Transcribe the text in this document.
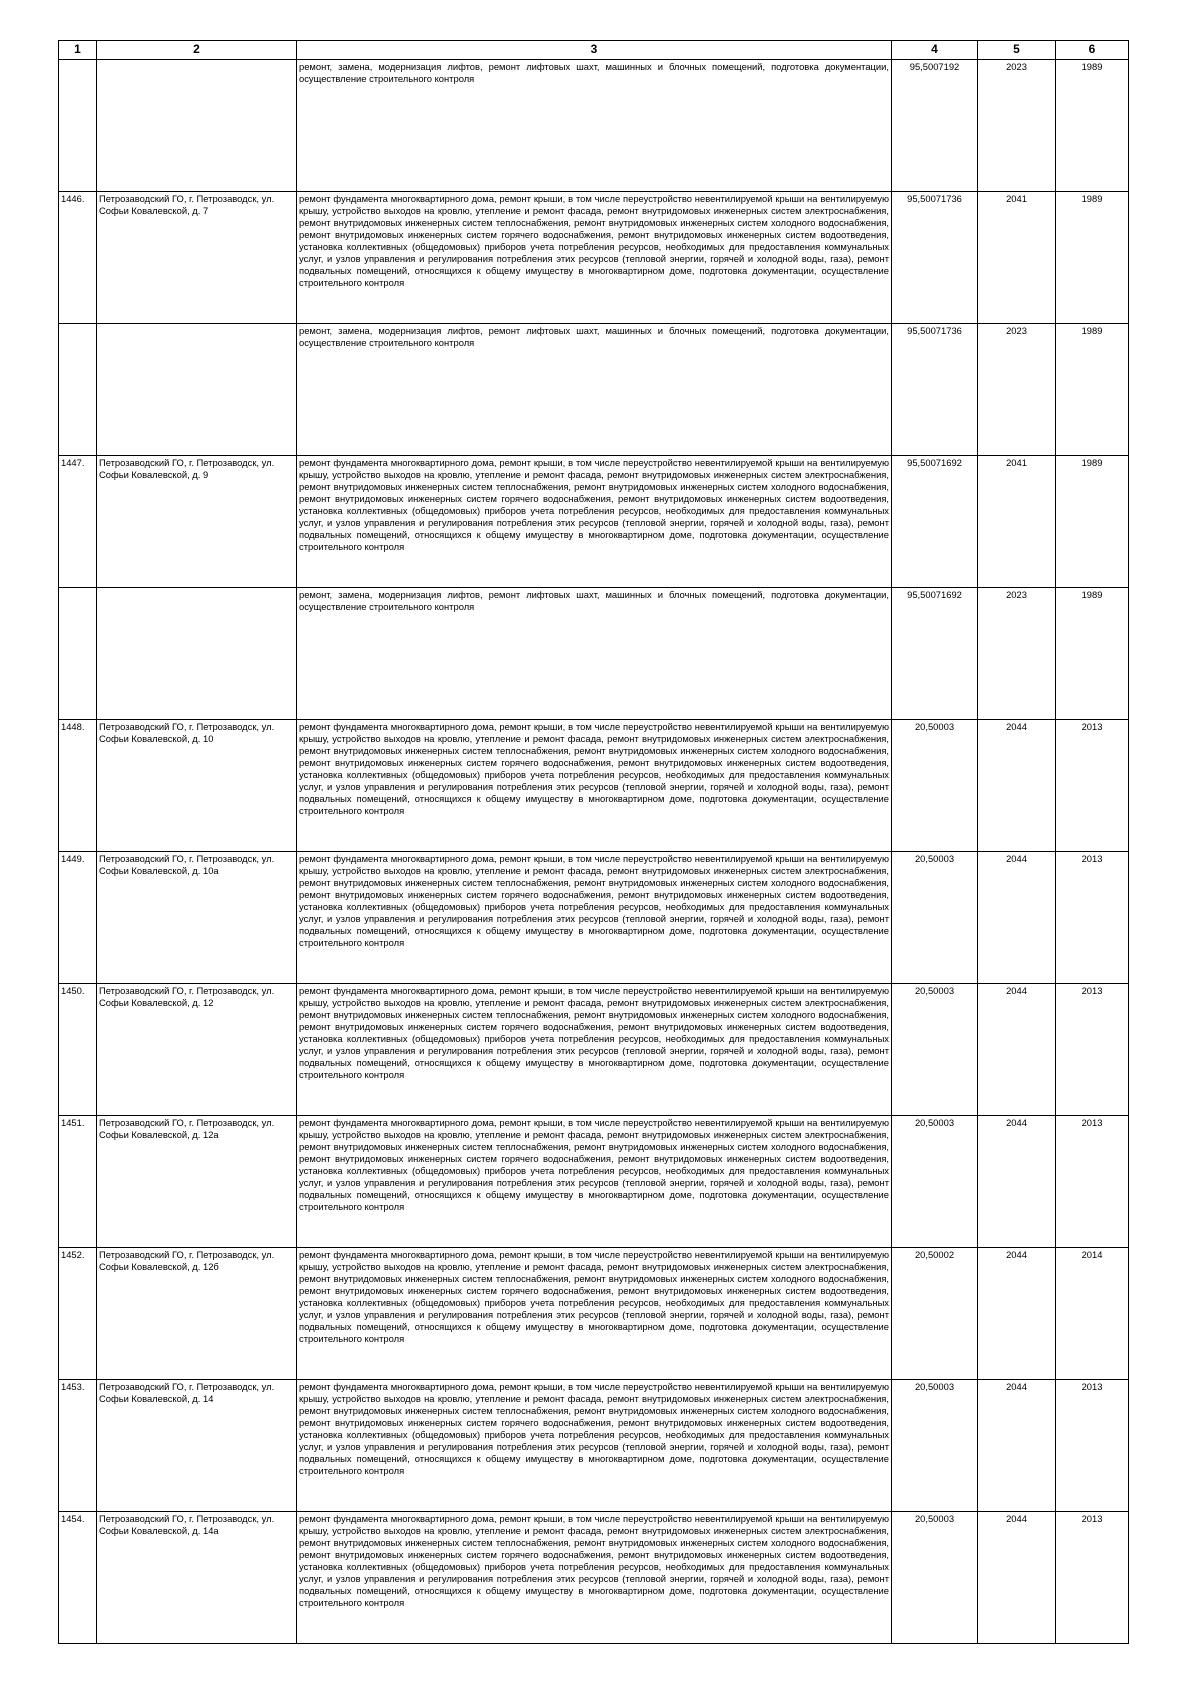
1	2	3	4	5	6
		ремонт, замена, модернизация лифтов, ремонт лифтовых шахт, машинных и блочных помещений, подготовка документации, осуществление строительного контроля	95,5007192	2023	1989
1446.	Петрозаводский ГО, г. Петрозаводск, ул. Софьи Ковалевской, д. 7	ремонт фундамента многоквартирного дома, ремонт крыши, в том числе переустройство невентилируемой крыши на вентилируемую крышу, устройство выходов на кровлю, утепление и ремонт фасада, ремонт внутридомовых инженерных систем электроснабжения, ремонт внутридомовых инженерных систем теплоснабжения, ремонт внутридомовых инженерных систем холодного водоснабжения, ремонт внутридомовых инженерных систем горячего водоснабжения, ремонт внутридомовых инженерных систем водоотведения, установка коллективных (общедомовых) приборов учета потребления ресурсов, необходимых для предоставления коммунальных услуг, и узлов управления и регулирования потребления этих ресурсов (тепловой энергии, горячей и холодной воды, газа), ремонт подвальных помещений, относящихся к общему имуществу в многоквартирном доме, подготовка документации, осуществление строительного контроля	95,50071736	2041	1989
		ремонт, замена, модернизация лифтов, ремонт лифтовых шахт, машинных и блочных помещений, подготовка документации, осуществление строительного контроля	95,50071736	2023	1989
1447.	Петрозаводский ГО, г. Петрозаводск, ул. Софьи Ковалевской, д. 9	ремонт фундамента многоквартирного дома, ремонт крыши, в том числе переустройство невентилируемой крыши на вентилируемую крышу, устройство выходов на кровлю, утепление и ремонт фасада, ремонт внутридомовых инженерных систем электроснабжения, ремонт внутридомовых инженерных систем теплоснабжения, ремонт внутридомовых инженерных систем холодного водоснабжения, ремонт внутридомовых инженерных систем горячего водоснабжения, ремонт внутридомовых инженерных систем водоотведения, установка коллективных (общедомовых) приборов учета потребления ресурсов, необходимых для предоставления коммунальных услуг, и узлов управления и регулирования потребления этих ресурсов (тепловой энергии, горячей и холодной воды, газа), ремонт подвальных помещений, относящихся к общему имуществу в многоквартирном доме, подготовка документации, осуществление строительного контроля	95,50071692	2041	1989
		ремонт, замена, модернизация лифтов, ремонт лифтовых шахт, машинных и блочных помещений, подготовка документации, осуществление строительного контроля	95,50071692	2023	1989
1448.	Петрозаводский ГО, г. Петрозаводск, ул. Софьи Ковалевской, д. 10	ремонт фундамента многоквартирного дома, ремонт крыши, в том числе переустройство невентилируемой крыши на вентилируемую крышу, устройство выходов на кровлю, утепление и ремонт фасада, ремонт внутридомовых инженерных систем электроснабжения, ремонт внутридомовых инженерных систем теплоснабжения, ремонт внутридомовых инженерных систем холодного водоснабжения, ремонт внутридомовых инженерных систем горячего водоснабжения, ремонт внутридомовых инженерных систем водоотведения, установка коллективных (общедомовых) приборов учета потребления ресурсов, необходимых для предоставления коммунальных услуг, и узлов управления и регулирования потребления этих ресурсов (тепловой энергии, горячей и холодной воды, газа), ремонт подвальных помещений, относящихся к общему имуществу в многоквартирном доме, подготовка документации, осуществление строительного контроля	20,50003	2044	2013
1449.	Петрозаводский ГО, г. Петрозаводск, ул. Софьи Ковалевской, д. 10а	ремонт фундамента многоквартирного дома, ремонт крыши, в том числе переустройство невентилируемой крыши на вентилируемую крышу, устройство выходов на кровлю, утепление и ремонт фасада, ремонт внутридомовых инженерных систем электроснабжения, ремонт внутридомовых инженерных систем теплоснабжения, ремонт внутридомовых инженерных систем холодного водоснабжения, ремонт внутридомовых инженерных систем горячего водоснабжения, ремонт внутридомовых инженерных систем водоотведения, установка коллективных (общедомовых) приборов учета потребления ресурсов, необходимых для предоставления коммунальных услуг, и узлов управления и регулирования потребления этих ресурсов (тепловой энергии, горячей и холодной воды, газа), ремонт подвальных помещений, относящихся к общему имуществу в многоквартирном доме, подготовка документации, осуществление строительного контроля	20,50003	2044	2013
1450.	Петрозаводский ГО, г. Петрозаводск, ул. Софьи Ковалевской, д. 12	ремонт фундамента многоквартирного дома, ремонт крыши, в том числе переустройство невентилируемой крыши на вентилируемую крышу, устройство выходов на кровлю, утепление и ремонт фасада, ремонт внутридомовых инженерных систем электроснабжения, ремонт внутридомовых инженерных систем теплоснабжения, ремонт внутридомовых инженерных систем холодного водоснабжения, ремонт внутридомовых инженерных систем горячего водоснабжения, ремонт внутридомовых инженерных систем водоотведения, установка коллективных (общедомовых) приборов учета потребления ресурсов, необходимых для предоставления коммунальных услуг, и узлов управления и регулирования потребления этих ресурсов (тепловой энергии, горячей и холодной воды, газа), ремонт подвальных помещений, относящихся к общему имуществу в многоквартирном доме, подготовка документации, осуществление строительного контроля	20,50003	2044	2013
1451.	Петрозаводский ГО, г. Петрозаводск, ул. Софьи Ковалевской, д. 12а	ремонт фундамента многоквартирного дома, ремонт крыши, в том числе переустройство невентилируемой крыши на вентилируемую крышу, устройство выходов на кровлю, утепление и ремонт фасада, ремонт внутридомовых инженерных систем электроснабжения, ремонт внутридомовых инженерных систем теплоснабжения, ремонт внутридомовых инженерных систем холодного водоснабжения, ремонт внутридомовых инженерных систем горячего водоснабжения, ремонт внутридомовых инженерных систем водоотведения, установка коллективных (общедомовых) приборов учета потребления ресурсов, необходимых для предоставления коммунальных услуг, и узлов управления и регулирования потребления этих ресурсов (тепловой энергии, горячей и холодной воды, газа), ремонт подвальных помещений, относящихся к общему имуществу в многоквартирном доме, подготовка документации, осуществление строительного контроля	20,50003	2044	2013
1452.	Петрозаводский ГО, г. Петрозаводск, ул. Софьи Ковалевской, д. 12б	ремонт фундамента многоквартирного дома, ремонт крыши, в том числе переустройство невентилируемой крыши на вентилируемую крышу, устройство выходов на кровлю, утепление и ремонт фасада, ремонт внутридомовых инженерных систем электроснабжения, ремонт внутридомовых инженерных систем теплоснабжения, ремонт внутридомовых инженерных систем холодного водоснабжения, ремонт внутридомовых инженерных систем горячего водоснабжения, ремонт внутридомовых инженерных систем водоотведения, установка коллективных (общедомовых) приборов учета потребления ресурсов, необходимых для предоставления коммунальных услуг, и узлов управления и регулирования потребления этих ресурсов (тепловой энергии, горячей и холодной воды, газа), ремонт подвальных помещений, относящихся к общему имуществу в многоквартирном доме, подготовка документации, осуществление строительного контроля	20,50002	2044	2014
1453.	Петрозаводский ГО, г. Петрозаводск, ул. Софьи Ковалевской, д. 14	ремонт фундамента многоквартирного дома, ремонт крыши, в том числе переустройство невентилируемой крыши на вентилируемую крышу, устройство выходов на кровлю, утепление и ремонт фасада, ремонт внутридомовых инженерных систем электроснабжения, ремонт внутридомовых инженерных систем теплоснабжения, ремонт внутридомовых инженерных систем холодного водоснабжения, ремонт внутридомовых инженерных систем горячего водоснабжения, ремонт внутридомовых инженерных систем водоотведения, установка коллективных (общедомовых) приборов учета потребления ресурсов, необходимых для предоставления коммунальных услуг, и узлов управления и регулирования потребления этих ресурсов (тепловой энергии, горячей и холодной воды, газа), ремонт подвальных помещений, относящихся к общему имуществу в многоквартирном доме, подготовка документации, осуществление строительного контроля	20,50003	2044	2013
1454.	Петрозаводский ГО, г. Петрозаводск, ул. Софьи Ковалевской, д. 14а	ремонт фундамента многоквартирного дома, ремонт крыши, в том числе переустройство невентилируемой крыши на вентилируемую крышу, устройство выходов на кровлю, утепление и ремонт фасада, ремонт внутридомовых инженерных систем электроснабжения, ремонт внутридомовых инженерных систем теплоснабжения, ремонт внутридомовых инженерных систем холодного водоснабжения, ремонт внутридомовых инженерных систем горячего водоснабжения, ремонт внутридомовых инженерных систем водоотведения, установка коллективных (общедомовых) приборов учета потребления ресурсов, необходимых для предоставления коммунальных услуг, и узлов управления и регулирования потребления этих ресурсов (тепловой энергии, горячей и холодной воды, газа), ремонт подвальных помещений, относящихся к общему имуществу в многоквартирном доме, подготовка документации, осуществление строительного контроля	20,50003	2044	2013
